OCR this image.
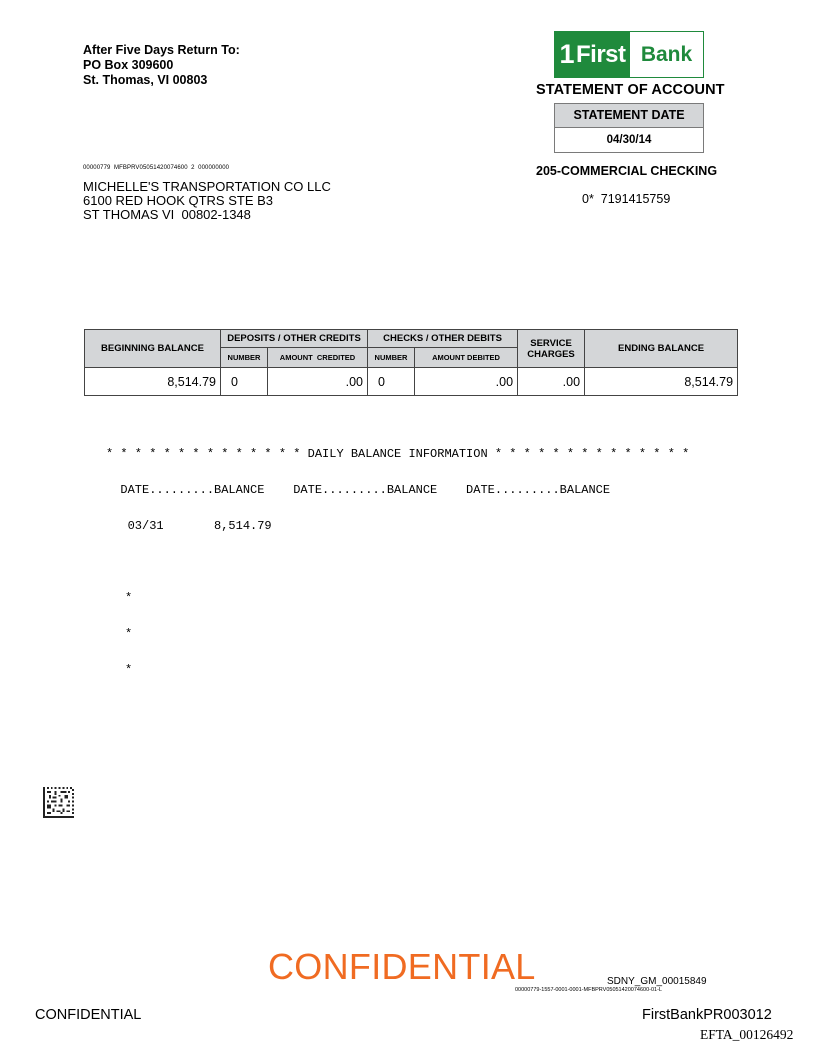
After Five Days Return To:
PO Box 309600
St. Thomas, VI 00803
1 First Bank
STATEMENT OF ACCOUNT
STATEMENT DATE
04/30/14
205-COMMERCIAL CHECKING
0*  7191415759
00000779  MFBPRV05051420074600  2  000000000
MICHELLE'S TRANSPORTATION CO LLC
6100 RED HOOK QTRS STE B3
ST THOMAS VI  00802-1348
BEGINNING BALANCE	DEPOSITS / OTHER CREDITS		CHECKS / OTHER DEBITS		SERVICE
CHARGES	ENDING BALANCE
	NUMBER	AMOUNT  CREDITED	NUMBER	AMOUNT DEBITED		
8,514.79	0	.00	0	.00	.00	8,514.79

* * * * * * * * * * * * * * DAILY BALANCE INFORMATION * * * * * * * * * * * * * *

DATE.........BALANCE    DATE.........BALANCE    DATE.........BALANCE

03/31       8,514.79

*

*

*

CONFIDENTIAL	SDNY_GM_00015849
00000779-1557-0001-0001-MFBPRV05051420074600-01-L
CONFIDENTIAL	FirstBankPR003012
EFTA_00126492
